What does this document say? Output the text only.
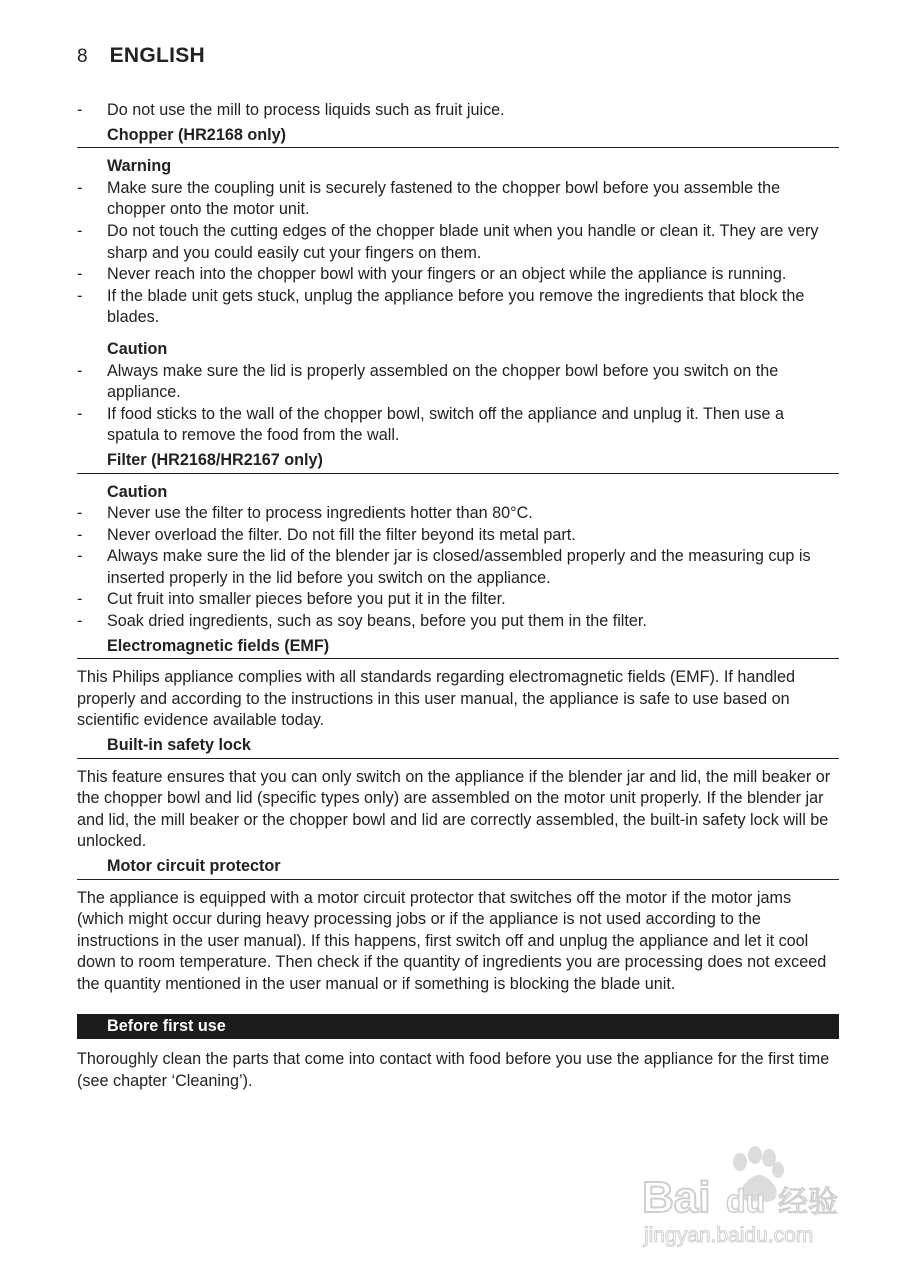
8 ENGLISH
- Do not use the mill to process liquids such as fruit juice.
Chopper (HR2168 only)
Warning
- Make sure the coupling unit is securely fastened to the chopper bowl before you assemble the chopper onto the motor unit.
- Do not touch the cutting edges of the chopper blade unit when you handle or clean it. They are very sharp and you could easily cut your fingers on them.
- Never reach into the chopper bowl with your fingers or an object while the appliance is running.
- If the blade unit gets stuck, unplug the appliance before you remove the ingredients that block the blades.
Caution
- Always make sure the lid is properly assembled on the chopper bowl before you switch on the appliance.
- If food sticks to the wall of the chopper bowl, switch off the appliance and unplug it. Then use a spatula to remove the food from the wall.
Filter (HR2168/HR2167 only)
Caution
- Never use the filter to process ingredients hotter than 80°C.
- Never overload the filter. Do not fill the filter beyond its metal part.
- Always make sure the lid of the blender jar is closed/assembled properly and the measuring cup is inserted properly in the lid before you switch on the appliance.
- Cut fruit into smaller pieces before you put it in the filter.
- Soak dried ingredients, such as soy beans, before you put them in the filter.
Electromagnetic fields (EMF)

This Philips appliance complies with all standards regarding electromagnetic fields (EMF). If handled properly and according to the instructions in this user manual, the appliance is safe to use based on scientific evidence available today.

Built-in safety lock

This feature ensures that you can only switch on the appliance if the blender jar and lid, the mill beaker or the chopper bowl and lid (specific types only) are assembled on the motor unit properly. If the blender jar and lid, the mill beaker or the chopper bowl and lid are correctly assembled, the built-in safety lock will be unlocked.

Motor circuit protector

The appliance is equipped with a motor circuit protector that switches off the motor if the motor jams (which might occur during heavy processing jobs or if the appliance is not used according to the instructions in the user manual). If this happens, first switch off and unplug the appliance and let it cool down to room temperature. Then check if the quantity of ingredients you are processing does not exceed the quantity mentioned in the user manual or if something is blocking the blade unit.

Before first use

Thoroughly clean the parts that come into contact with food before you use the appliance for the first time (see chapter ‘Cleaning’).

Bai du 经验
jingyan.baidu.com
